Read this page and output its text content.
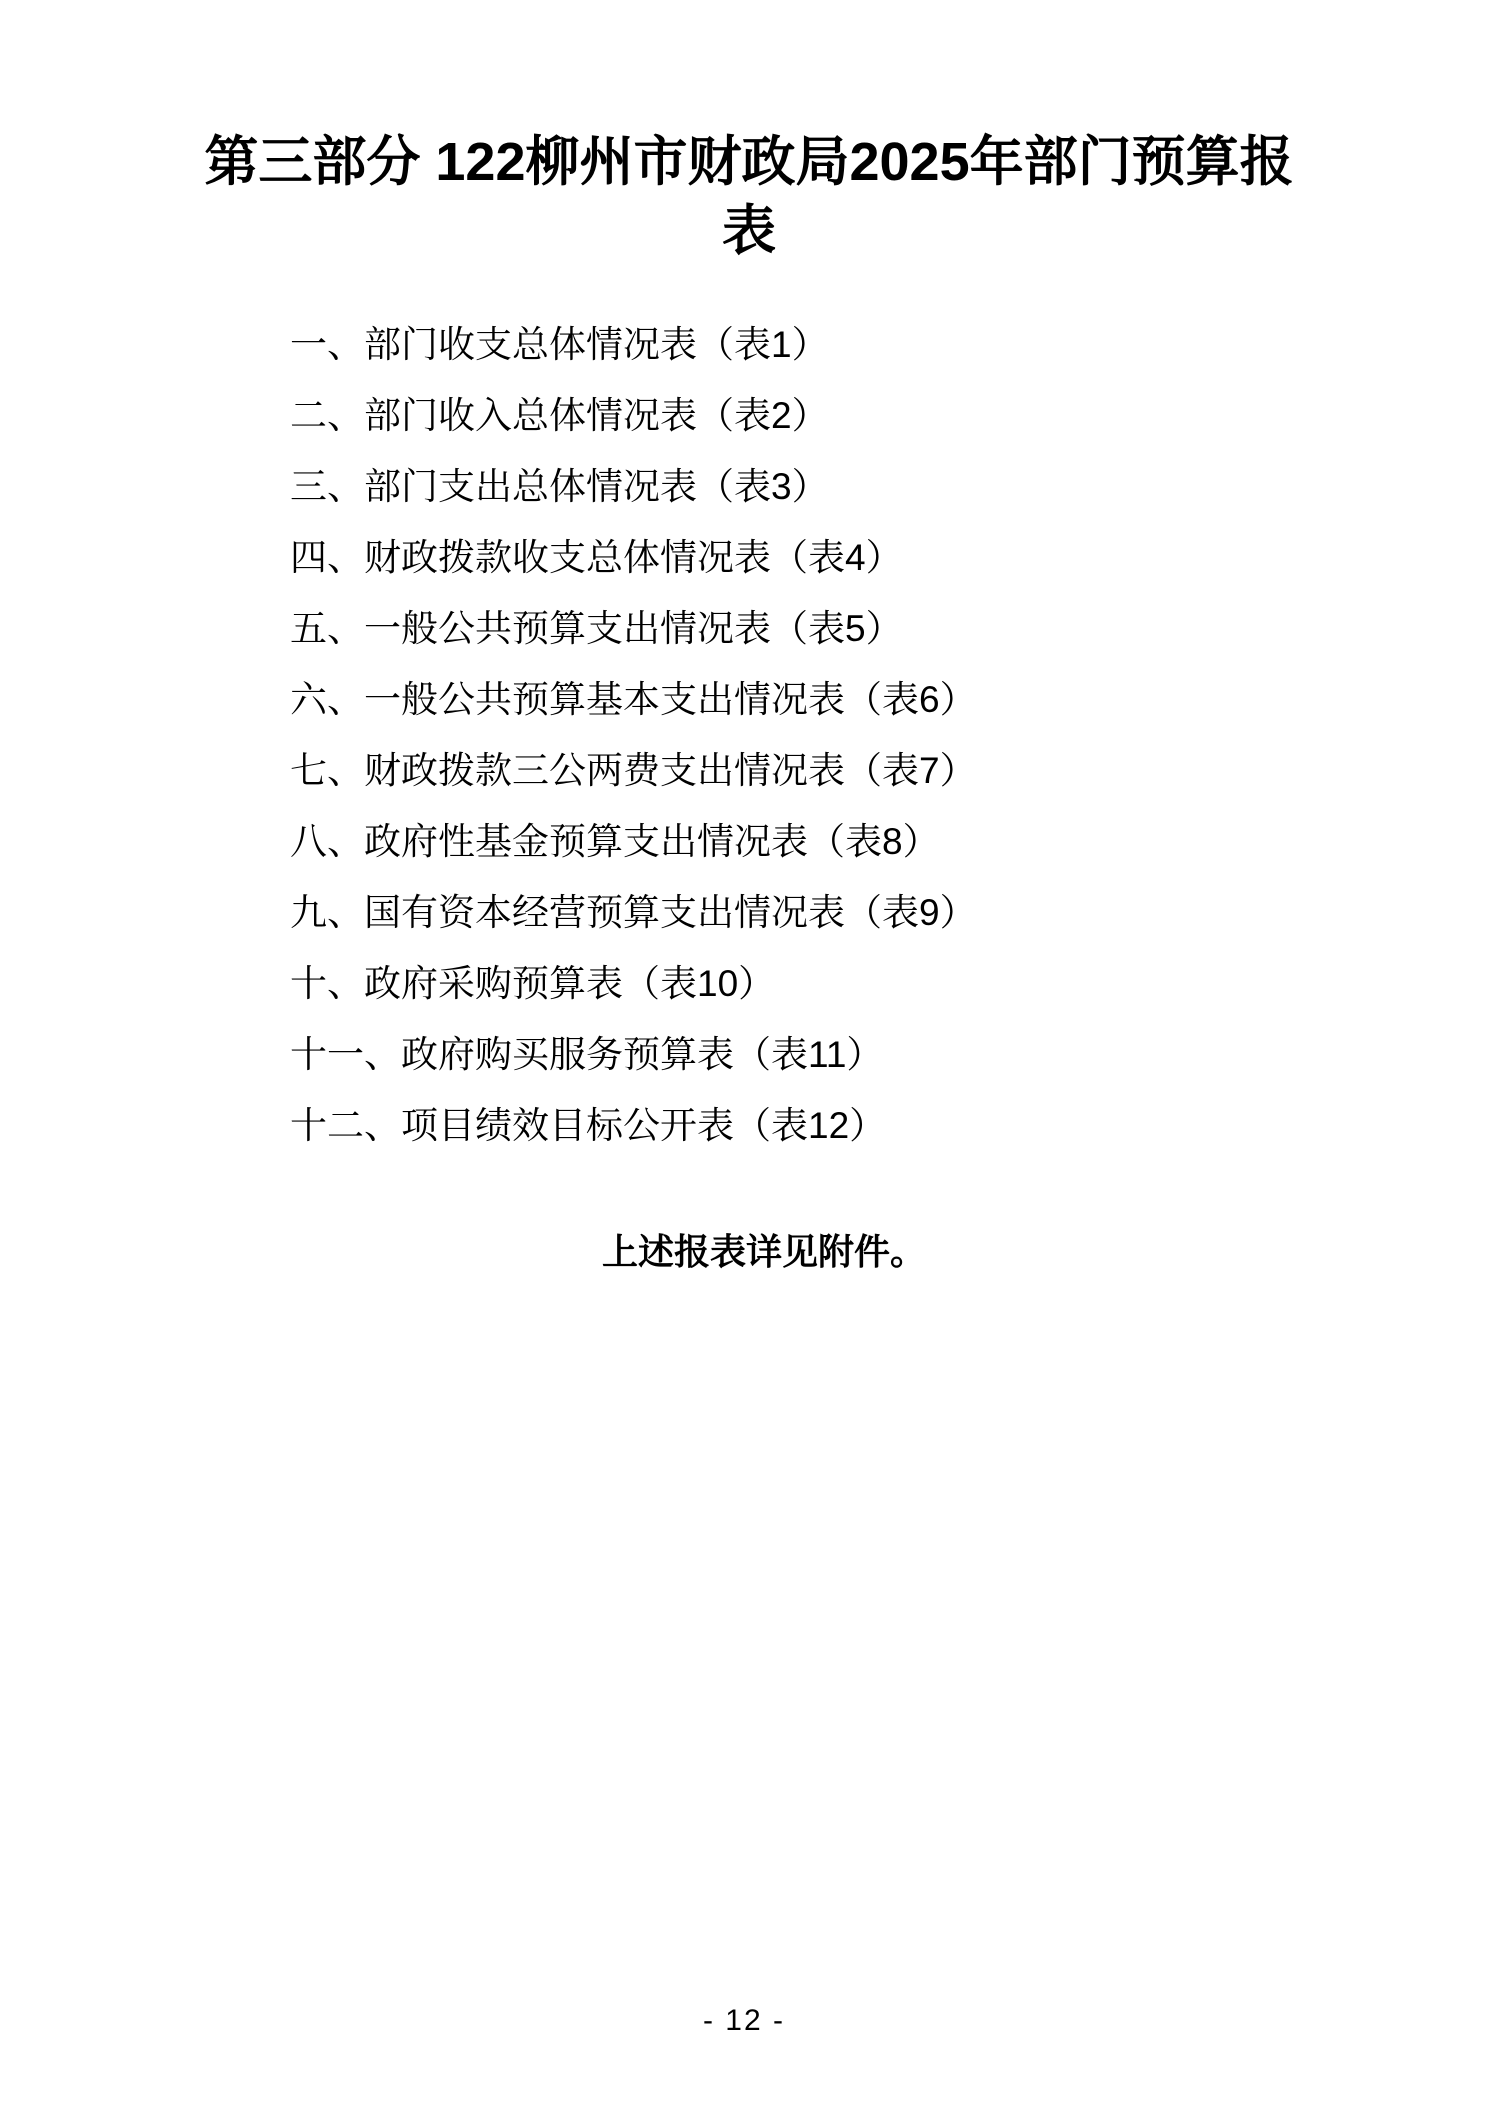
第三部分 122柳州市财政局2025年部门预算报表
一、部门收支总体情况表（表1）
二、部门收入总体情况表（表2）
三、部门支出总体情况表（表3）
四、财政拨款收支总体情况表（表4）
五、一般公共预算支出情况表（表5）
六、一般公共预算基本支出情况表（表6）
七、财政拨款三公两费支出情况表（表7）
八、政府性基金预算支出情况表（表8）
九、国有资本经营预算支出情况表（表9）
十、政府采购预算表（表10）
十一、政府购买服务预算表（表11）
十二、项目绩效目标公开表（表12）

上述报表详见附件。

- 12 -
